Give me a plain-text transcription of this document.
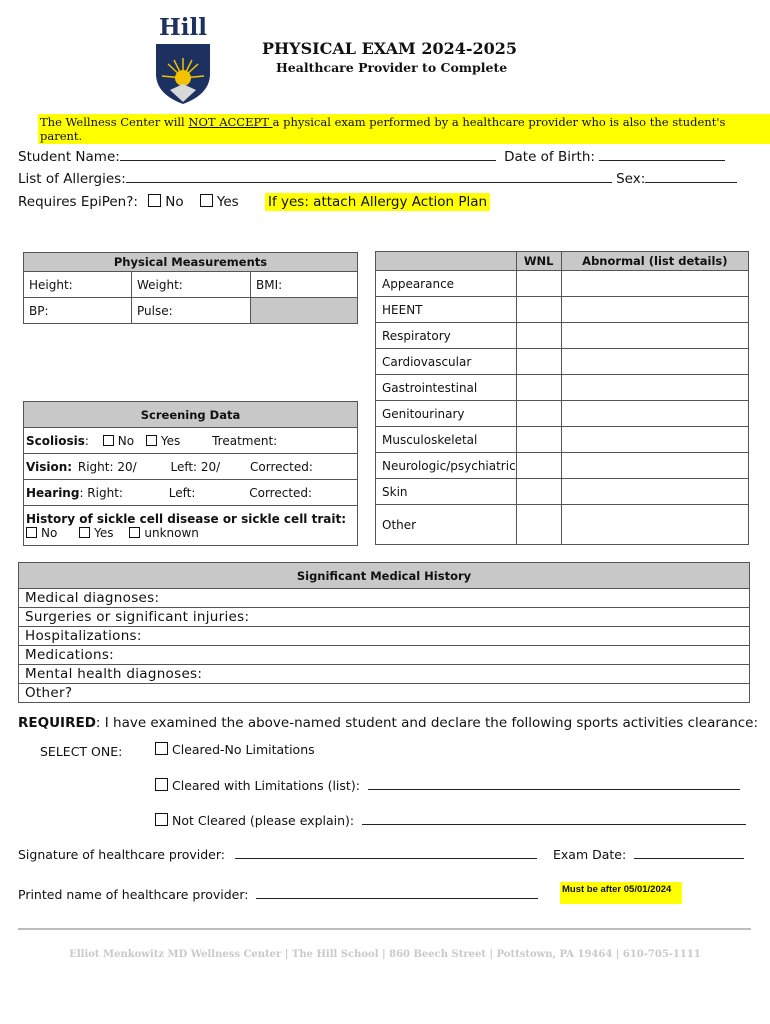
Hill
PHYSICAL EXAM 2024-2025
Healthcare Provider to Complete
The Wellness Center will NOT ACCEPT a physical exam performed by a healthcare provider who is also the student's parent.
Student Name:	Date of Birth:
List of Allergies:	Sex:
Requires EpiPen?: No Yes If yes: attach Allergy Action Plan
Physical Measurements		
Height:	Weight:	BMI:
BP:	Pulse:	
Screening Data
Scoliosis: No Yes	Treatment:
Vision: Right: 20/	Left: 20/ Corrected:
Hearing: Right:	Left:	Corrected:

History of sickle cell disease or sickle cell trait:
No	Yes	unknown
	WNL	Abnormal (list details)
Appearance		
HEENT		
Respiratory		
Cardiovascular		
Gastrointestinal		
Genitourinary		
Musculoskeletal		
Neurologic/psychiatric		
Skin		
Other		
Significant Medical History
Medical diagnoses:
Surgeries or significant injuries:
Hospitalizations:
Medications:
Mental health diagnoses:
Other?
REQUIRED: I have examined the above-named student and declare the following sports activities clearance:
SELECT ONE:	Cleared-No Limitations
Cleared with Limitations (list):
Not Cleared (please explain):
Signature of healthcare provider:	Exam Date:
Printed name of healthcare provider:	Must be after 05/01/2024
Elliot Menkowitz MD Wellness Center | The Hill School | 860 Beech Street | Pottstown, PA 19464 | 610-705-1111
